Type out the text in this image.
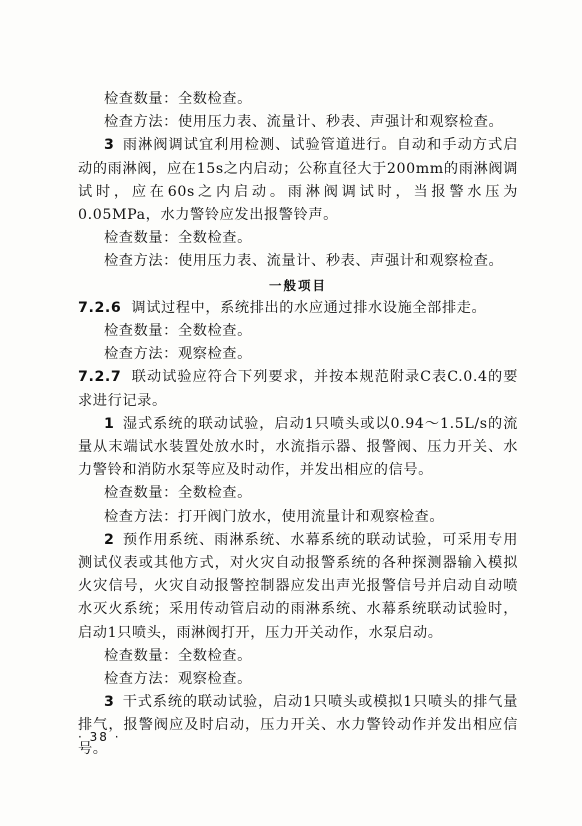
检查数量：全数检查。

检查方法：使用压力表、流量计、秒表、声强计和观察检查。

3 雨淋阀调试宜利用检测、试验管道进行。自动和手动方式启动的雨淋阀，应在15s之内启动；公称直径大于200mm的雨淋阀调试时，应在60s之内启动。雨淋阀调试时，当报警水压为0.05MPa，水力警铃应发出报警铃声。

检查数量：全数检查。

检查方法：使用压力表、流量计、秒表、声强计和观察检查。

一般项目

7.2.6 调试过程中，系统排出的水应通过排水设施全部排走。

检查数量：全数检查。

检查方法：观察检查。

7.2.7 联动试验应符合下列要求，并按本规范附录C表C.0.4的要求进行记录。

1 湿式系统的联动试验，启动1只喷头或以0.94～1.5L/s的流量从末端试水装置处放水时，水流指示器、报警阀、压力开关、水力警铃和消防水泵等应及时动作，并发出相应的信号。

检查数量：全数检查。

检查方法：打开阀门放水，使用流量计和观察检查。

2 预作用系统、雨淋系统、水幕系统的联动试验，可采用专用测试仪表或其他方式，对火灾自动报警系统的各种探测器输入模拟火灾信号，火灾自动报警控制器应发出声光报警信号并启动自动喷水灭火系统；采用传动管启动的雨淋系统、水幕系统联动试验时，启动1只喷头，雨淋阀打开，压力开关动作，水泵启动。

检查数量：全数检查。

检查方法：观察检查。

3 干式系统的联动试验，启动1只喷头或模拟1只喷头的排气量排气，报警阀应及时启动，压力开关、水力警铃动作并发出相应信号。

· 38 ·
